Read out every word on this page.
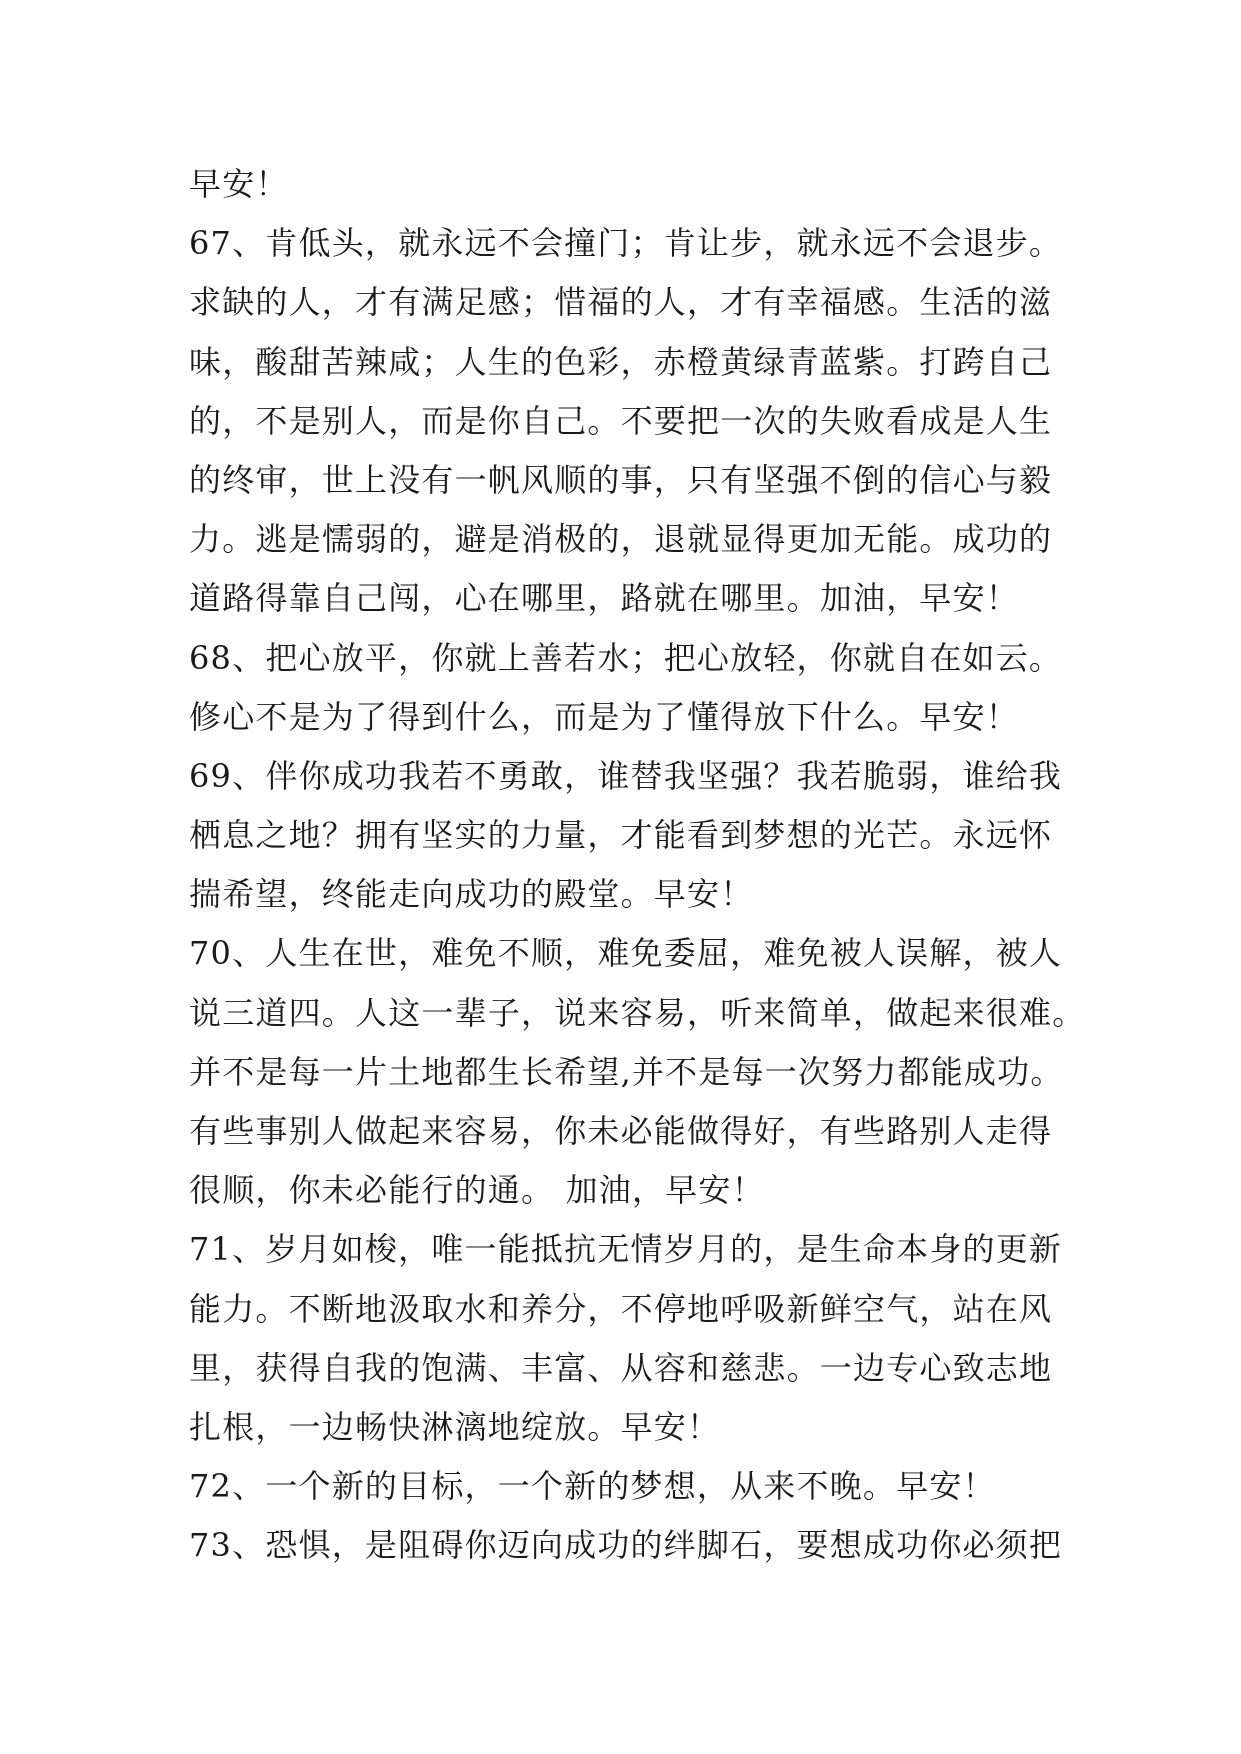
早安！
67、肯低头，就永远不会撞门；肯让步，就永远不会退步。
求缺的人，才有满足感；惜福的人，才有幸福感。生活的滋
味，酸甜苦辣咸；人生的色彩，赤橙黄绿青蓝紫。打跨自己
的，不是别人，而是你自己。不要把一次的失败看成是人生
的终审，世上没有一帆风顺的事，只有坚强不倒的信心与毅
力。逃是懦弱的，避是消极的，退就显得更加无能。成功的
道路得靠自己闯，心在哪里，路就在哪里。加油，早安！
68、把心放平，你就上善若水；把心放轻，你就自在如云。
修心不是为了得到什么，而是为了懂得放下什么。早安！
69、伴你成功我若不勇敢，谁替我坚强？我若脆弱，谁给我
栖息之地？拥有坚实的力量，才能看到梦想的光芒。永远怀
揣希望，终能走向成功的殿堂。早安！
70、人生在世，难免不顺，难免委屈，难免被人误解，被人
说三道四。人这一辈子，说来容易，听来简单，做起来很难。
并不是每一片土地都生长希望,并不是每一次努力都能成功。
有些事别人做起来容易，你未必能做得好，有些路别人走得
很顺，你未必能行的通。 加油，早安！
71、岁月如梭，唯一能抵抗无情岁月的，是生命本身的更新
能力。不断地汲取水和养分，不停地呼吸新鲜空气，站在风
里，获得自我的饱满、丰富、从容和慈悲。一边专心致志地
扎根，一边畅快淋漓地绽放。早安！
72、一个新的目标，一个新的梦想，从来不晚。早安！
73、恐惧，是阻碍你迈向成功的绊脚石，要想成功你必须把
